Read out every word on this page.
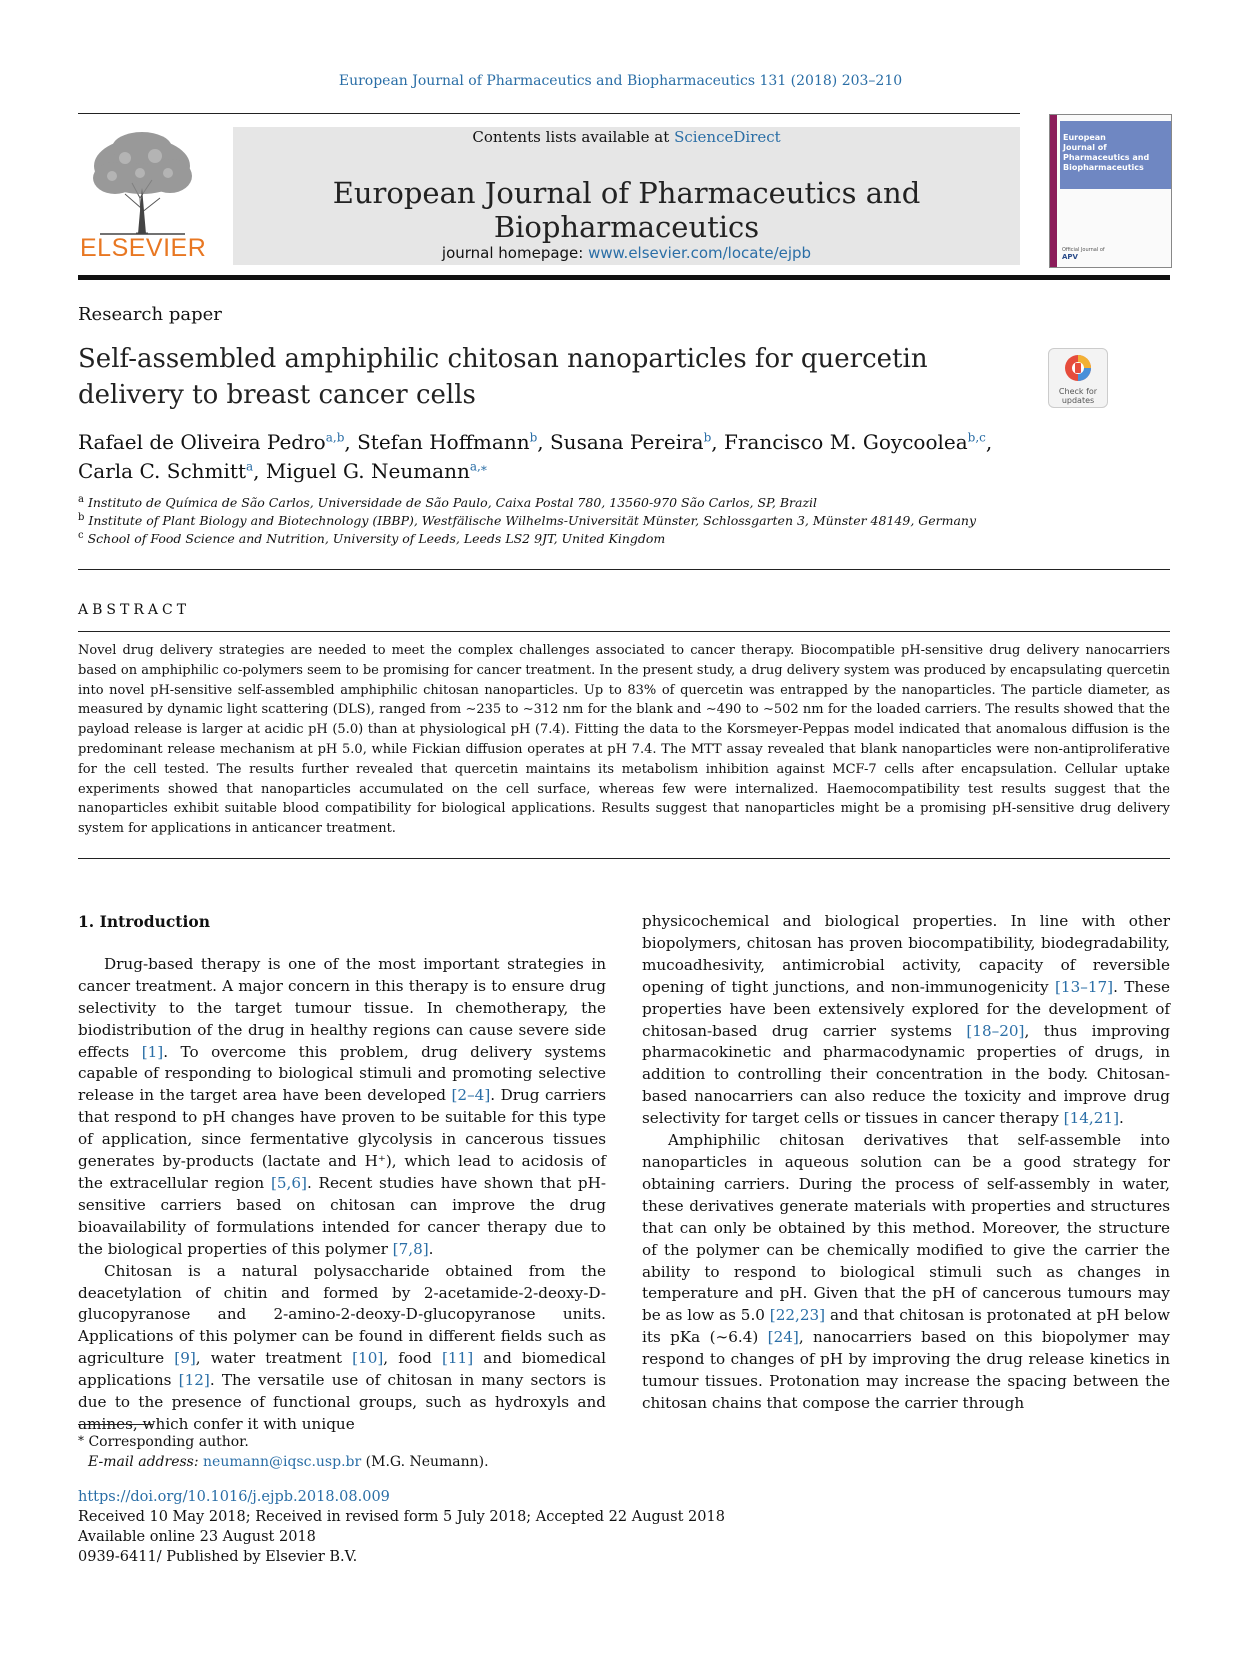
European Journal of Pharmaceutics and Biopharmaceutics 131 (2018) 203–210
ELSEVIER
Contents lists available at ScienceDirect
European Journal of Pharmaceutics and Biopharmaceutics
journal homepage: www.elsevier.com/locate/ejpb
European
Journal of
Pharmaceutics and
Biopharmaceutics
Official Journal of
APV
Research paper
Self-assembled amphiphilic chitosan nanoparticles for quercetin delivery to breast cancer cells	Check for updates
Rafael de Oliveira Pedro$^{a,b}$, Stefan Hoffmann$^b$, Susana Pereira$^b$, Francisco M. Goycoolea$^{b,c}$,
Carla C. Schmitt$^a$, Miguel G. Neumann$^{a,⁎}$
$^a$ Instituto de Química de São Carlos, Universidade de São Paulo, Caixa Postal 780, 13560-970 São Carlos, SP, Brazil
$^b$ Institute of Plant Biology and Biotechnology (IBBP), Westfälische Wilhelms-Universität Münster, Schlossgarten 3, Münster 48149, Germany
$^c$ School of Food Science and Nutrition, University of Leeds, Leeds LS2 9JT, United Kingdom
ABSTRACT
Novel drug delivery strategies are needed to meet the complex challenges associated to cancer therapy. Biocompatible pH-sensitive drug delivery nanocarriers based on amphiphilic co-polymers seem to be promising for cancer treatment. In the present study, a drug delivery system was produced by encapsulating quercetin into novel pH-sensitive self-assembled amphiphilic chitosan nanoparticles. Up to 83% of quercetin was entrapped by the nanoparticles. The particle diameter, as measured by dynamic light scattering (DLS), ranged from ∼235 to ∼312 nm for the blank and ∼490 to ∼502 nm for the loaded carriers. The results showed that the payload release is larger at acidic pH (5.0) than at physiological pH (7.4). Fitting the data to the Korsmeyer-Peppas model indicated that anomalous diffusion is the predominant release mechanism at pH 5.0, while Fickian diffusion operates at pH 7.4. The MTT assay revealed that blank nanoparticles were non-antiproliferative for the cell tested. The results further revealed that quercetin maintains its metabolism inhibition against MCF-7 cells after encapsulation. Cellular uptake experiments showed that nanoparticles accumulated on the cell surface, whereas few were internalized. Haemocompatibility test results suggest that the nanoparticles exhibit suitable blood compatibility for biological applications. Results suggest that nanoparticles might be a promising pH-sensitive drug delivery system for applications in anticancer treatment.
1. Introduction

Drug-based therapy is one of the most important strategies in cancer treatment. A major concern in this therapy is to ensure drug selectivity to the target tumour tissue. In chemotherapy, the biodistribution of the drug in healthy regions can cause severe side effects [1]. To overcome this problem, drug delivery systems capable of responding to biological stimuli and promoting selective release in the target area have been developed [2–4]. Drug carriers that respond to pH changes have proven to be suitable for this type of application, since fermentative glycolysis in cancerous tissues generates by-products (lactate and H⁺), which lead to acidosis of the extracellular region [5,6]. Recent studies have shown that pH-sensitive carriers based on chitosan can improve the drug bioavailability of formulations intended for cancer therapy due to the biological properties of this polymer [7,8].

Chitosan is a natural polysaccharide obtained from the deacetylation of chitin and formed by 2-acetamide-2-deoxy-D-glucopyranose and 2-amino-2-deoxy-D-glucopyranose units. Applications of this polymer can be found in different fields such as agriculture [9], water treatment [10], food [11] and biomedical applications [12]. The versatile use of chitosan in many sectors is due to the presence of functional groups, such as hydroxyls and amines, which confer it with unique

physicochemical and biological properties. In line with other biopolymers, chitosan has proven biocompatibility, biodegradability, mucoadhesivity, antimicrobial activity, capacity of reversible opening of tight junctions, and non-immunogenicity [13–17]. These properties have been extensively explored for the development of chitosan-based drug carrier systems [18–20], thus improving pharmacokinetic and pharmacodynamic properties of drugs, in addition to controlling their concentration in the body. Chitosan-based nanocarriers can also reduce the toxicity and improve drug selectivity for target cells or tissues in cancer therapy [14,21].

Amphiphilic chitosan derivatives that self-assemble into nanoparticles in aqueous solution can be a good strategy for obtaining carriers. During the process of self-assembly in water, these derivatives generate materials with properties and structures that can only be obtained by this method. Moreover, the structure of the polymer can be chemically modified to give the carrier the ability to respond to biological stimuli such as changes in temperature and pH. Given that the pH of cancerous tumours may be as low as 5.0 [22,23] and that chitosan is protonated at pH below its pKa (∼6.4) [24], nanocarriers based on this biopolymer may respond to changes of pH by improving the drug release kinetics in tumour tissues. Protonation may increase the spacing between the chitosan chains that compose the carrier through

⁎ Corresponding author.
E-mail address: neumann@iqsc.usp.br (M.G. Neumann).
https://doi.org/10.1016/j.ejpb.2018.08.009
Received 10 May 2018; Received in revised form 5 July 2018; Accepted 22 August 2018
Available online 23 August 2018
0939-6411/ Published by Elsevier B.V.
